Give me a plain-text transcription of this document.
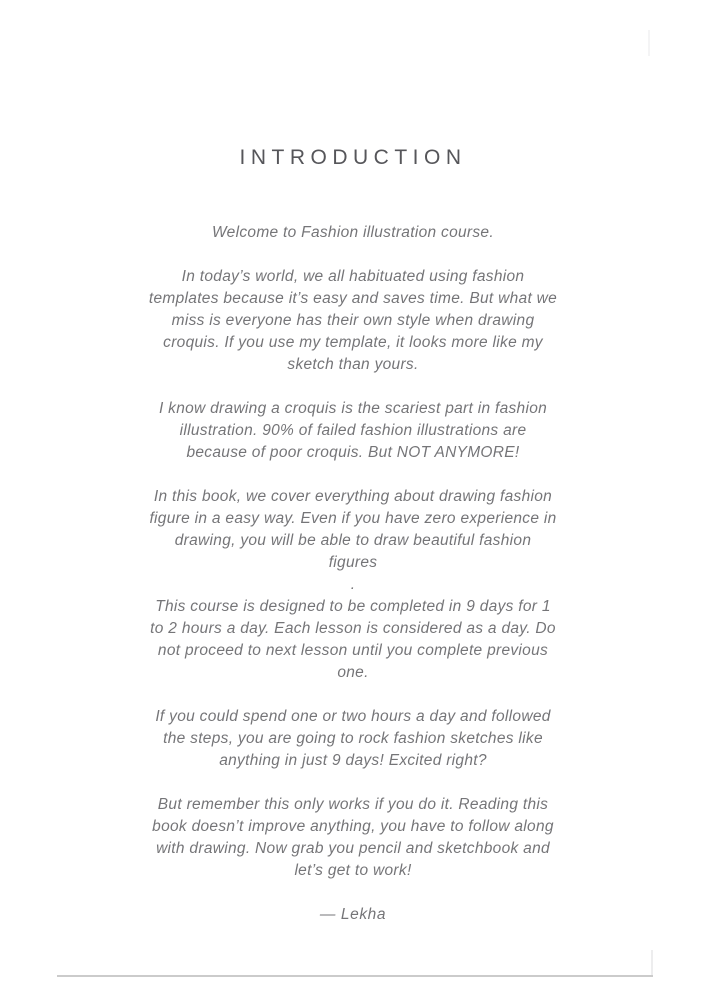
INTRODUCTION

Welcome to Fashion illustration course.

In today’s world, we all habituated using fashion
templates because it’s easy and saves time. But what we
miss is everyone has their own style when drawing
croquis. If you use my template, it looks more like my
sketch than yours.

I know drawing a croquis is the scariest part in fashion
illustration. 90% of failed fashion illustrations are
because of poor croquis. But NOT ANYMORE!

In this book, we cover everything about drawing fashion
figure in a easy way. Even if you have zero experience in
drawing, you will be able to draw beautiful fashion
figures

.

This course is designed to be completed in 9 days for 1
to 2 hours a day. Each lesson is considered as a day. Do
not proceed to next lesson until you complete previous
one.

If you could spend one or two hours a day and followed
the steps, you are going to rock fashion sketches like
anything in just 9 days! Excited right?

But remember this only works if you do it. Reading this
book doesn’t improve anything, you have to follow along
with drawing. Now grab you pencil and sketchbook and
let’s get to work!

— Lekha
